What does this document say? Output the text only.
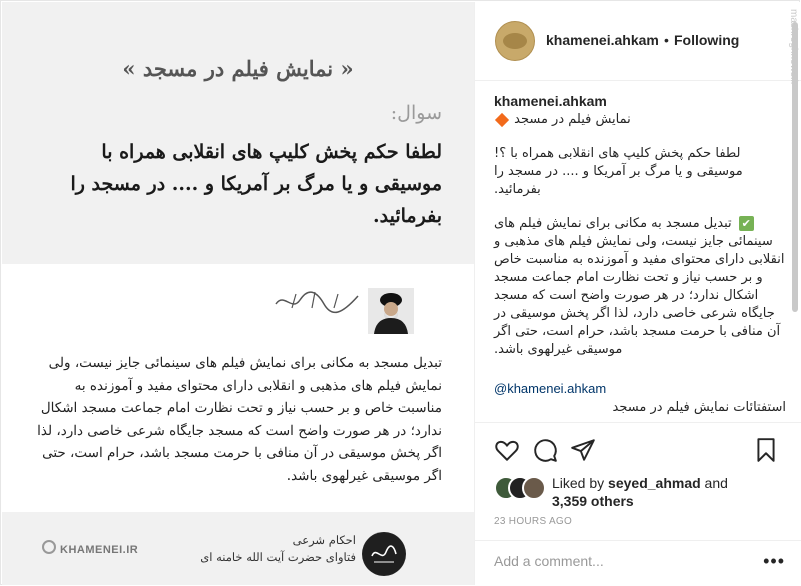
« نمایش فیلم در مسجد »
سوال:
لطفا حکم پخش کلیپ های انقلابی همراه با موسیقی و یا مرگ بر آمریکا و .... در مسجد را بفرمائید.
تبدیل مسجد به مکانی برای نمایش فیلم های سینمائی جایز نیست، ولی نمایش فیلم های مذهبی و انقلابی دارای محتوای مفید و آموزنده به مناسبت خاص و بر حسب نیاز و تحت نظارت امام جماعت مسجد اشکال ندارد؛ در هر صورت واضح است که مسجد جایگاه شرعی خاصی دارد، لذا اگر پخش موسیقی در آن منافی با حرمت مسجد باشد، حرام است، حتی اگر موسیقی غیرلهوی باشد.
احکام شرعی
فتاوای حضرت آیت الله خامنه ای
KHAMENEI.IR
khamenei.ahkam • Following
khamenei.ahkam
نمایش فیلم در مسجد
لطفا حکم پخش کلیپ های انقلابی همراه با ؟! موسیقی و یا مرگ بر آمریکا و .... در مسجد را بفرمائید.
✔ تبدیل مسجد به مکانی برای نمایش فیلم های سینمائی جایز نیست، ولی نمایش فیلم های مذهبی و انقلابی دارای محتوای مفید و آموزنده به مناسبت خاص و بر حسب نیاز و تحت نظارت امام جماعت مسجد اشکال ندارد؛ در هر صورت واضح است که مسجد جایگاه شرعی خاصی دارد، لذا اگر پخش موسیقی در آن منافی با حرمت مسجد باشد، حرام است، حتی اگر موسیقی غیرلهوی باشد.
@khamenei.ahkam
استفتائات نمایش فیلم در مسجد
Liked by seyed_ahmad and
3,359 others
23 HOURS AGO
Add a comment...	•••
mashreghnews.ir
